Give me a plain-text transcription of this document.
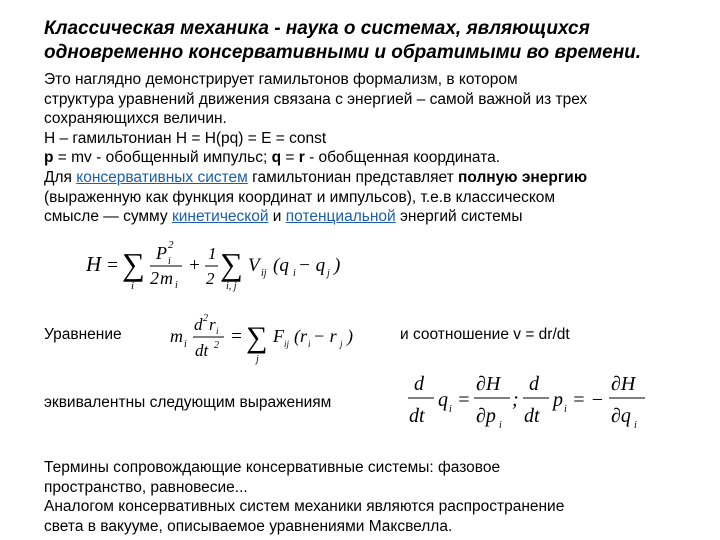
Классическая механика - наука о системах, являющихся
одновременно консервативными и обратимыми во времени.
Это наглядно демонстрирует гамильтонов формализм, в котором
структура уравнений движения связана с энергией – самой важной из трех
сохраняющихся величин.
H – гамильтониан H = H(pq) = E = const
p = mv - обобщенный импульс; q = r - обобщенная координата.
Для консервативных систем гамильтониан представляет полную энергию
(выраженную как функция координат и импульсов), т.е.в классическом
смысле — сумму кинетической и потенциальной энергий системы
H = ∑
i
P 2
i
2 m i
+
1
2 ∑
i, j
V ij (q i − q j )
Уравнение	m i
d 2 r i
dt 2 = ∑
j
F ij (r i − r j )	и соотношение v = dr/dt
эквивалентны следующим выражениям
d
dt
q i =
∂H
∂p i
;
d
dt
p i = −
∂H
∂q i
Термины сопровождающие консервативные системы: фазовое
пространство, равновесие...
Аналогом консервативных систем механики являются распространение
света в вакууме, описываемое уравнениями Максвелла.
